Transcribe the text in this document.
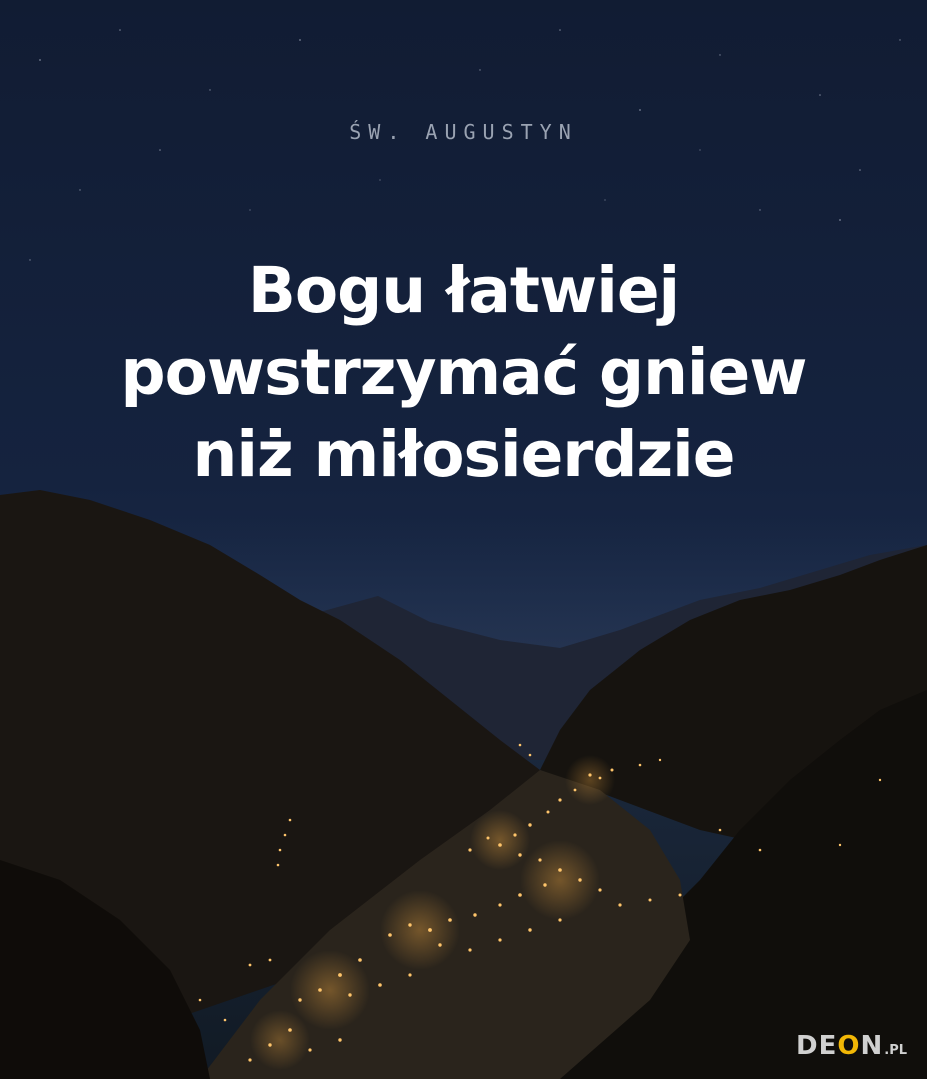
ŚW. AUGUSTYN
Bogu łatwiej
powstrzymać gniew
niż miłosierdzie
DEON .PL
